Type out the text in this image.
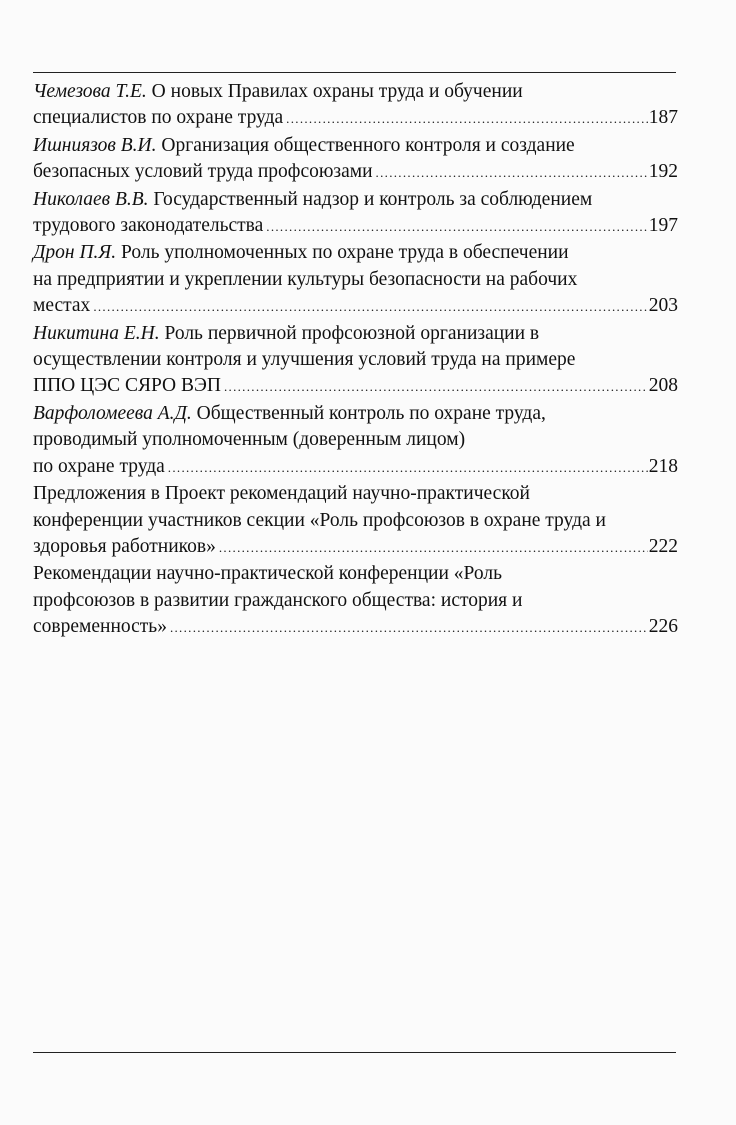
Чемезова Т.Е. О новых Правилах охраны труда и обучении
специалистов по охране труда .....	187
Ишниязов В.И. Организация общественного контроля и создание
безопасных условий труда профсоюзами .....	192
Николаев В.В. Государственный надзор и контроль за соблюдением
трудового законодательства .....	197
Дрон П.Я. Роль уполномоченных по охране труда в обеспечении
на предприятии и укреплении культуры безопасности на рабочих
местах .....	203
Никитина Е.Н. Роль первичной профсоюзной организации в
осуществлении контроля и улучшения условий труда на примере
ППО ЦЭС СЯРО ВЭП .....	208
Варфоломеева А.Д. Общественный контроль по охране труда,
проводимый уполномоченным (доверенным лицом)
по охране труда .....	218
Предложения в Проект рекомендаций научно-практической
конференции участников секции «Роль профсоюзов в охране труда и
здоровья работников» .....	222
Рекомендации научно-практической конференции «Роль
профсоюзов в развитии гражданского общества: история и
современность» .....	226
